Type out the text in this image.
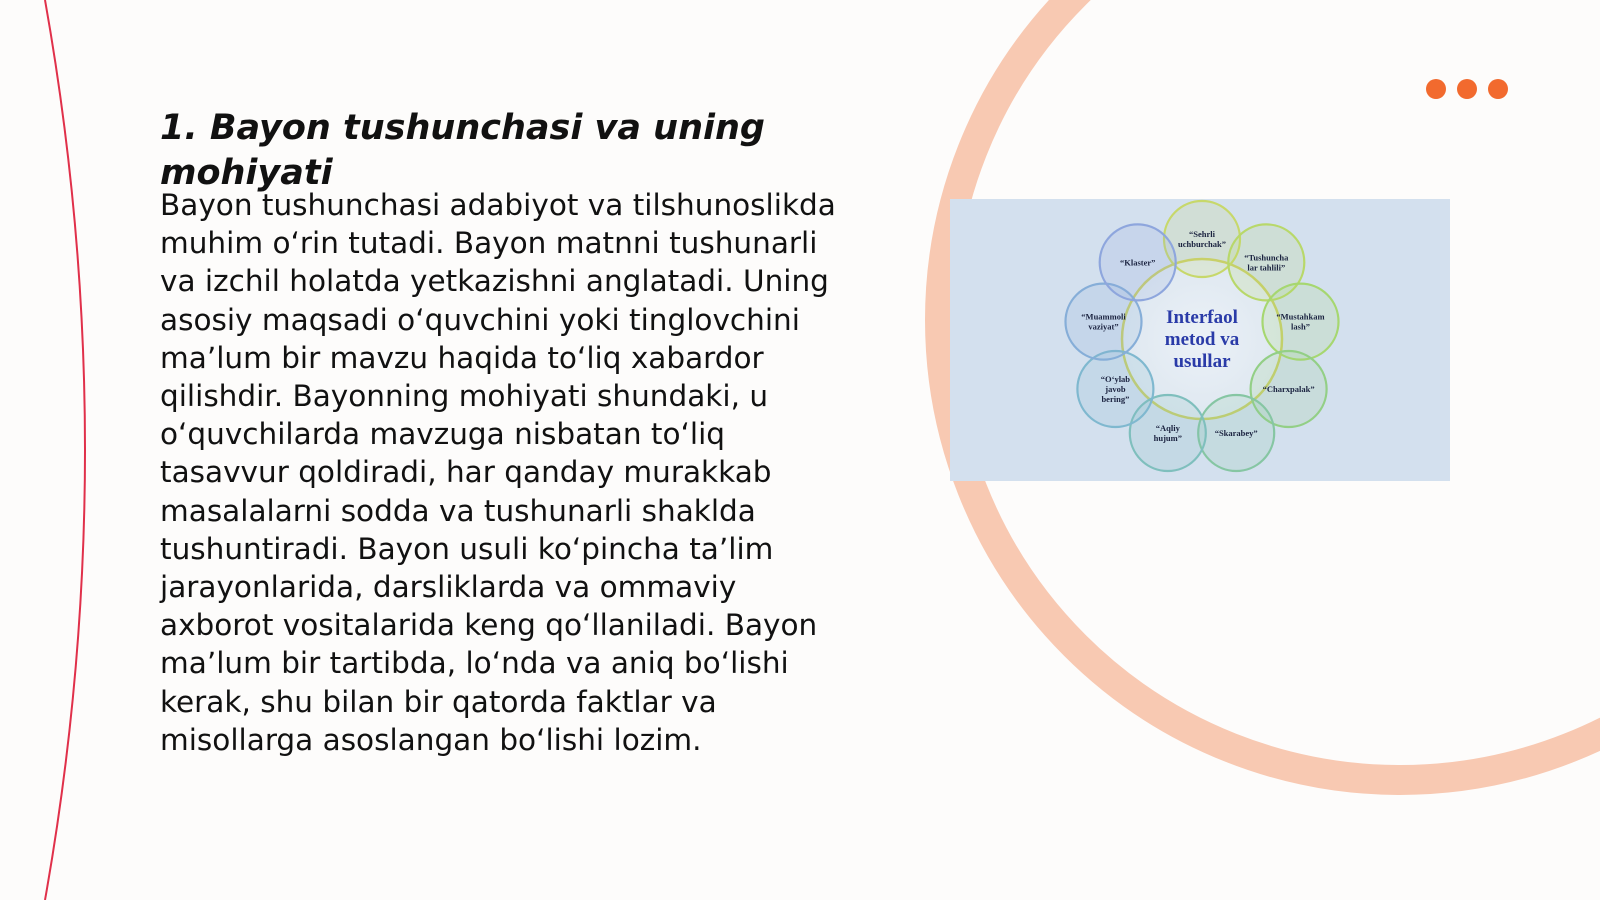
1. Bayon tushunchasi va uning mohiyati

Bayon tushunchasi adabiyot va tilshunoslikda muhim o‘rin tutadi. Bayon matnni tushunarli va izchil holatda yetkazishni anglatadi. Uning asosiy maqsadi o‘quvchini yoki tinglovchini ma’lum bir mavzu haqida to‘liq xabardor qilishdir. Bayonning mohiyati shundaki, u o‘quvchilarda mavzuga nisbatan to‘liq tasavvur qoldiradi, har qanday murakkab masalalarni sodda va tushunarli shakldа tushuntiradi. Bayon usuli ko‘pincha ta’lim jarayonlarida, darsliklarda va ommaviy axborot vositalarida keng qo‘llaniladi. Bayon ma’lum bir tartibda, lo‘nda va aniq bo‘lishi kerak, shu bilan bir qatorda faktlar va misollarga asoslangan bo‘lishi lozim.

“Sehrli
uchburchak”
“Tushuncha
lar tahlili”
“Mustahkam
lash”
“Charxpalak”
“Skarabey”
“Aqliy
hujum”
“O‘ylab
javob
bering”
“Muammoli
vaziyat”
“Klaster”
Interfaol
metod va
usullar
